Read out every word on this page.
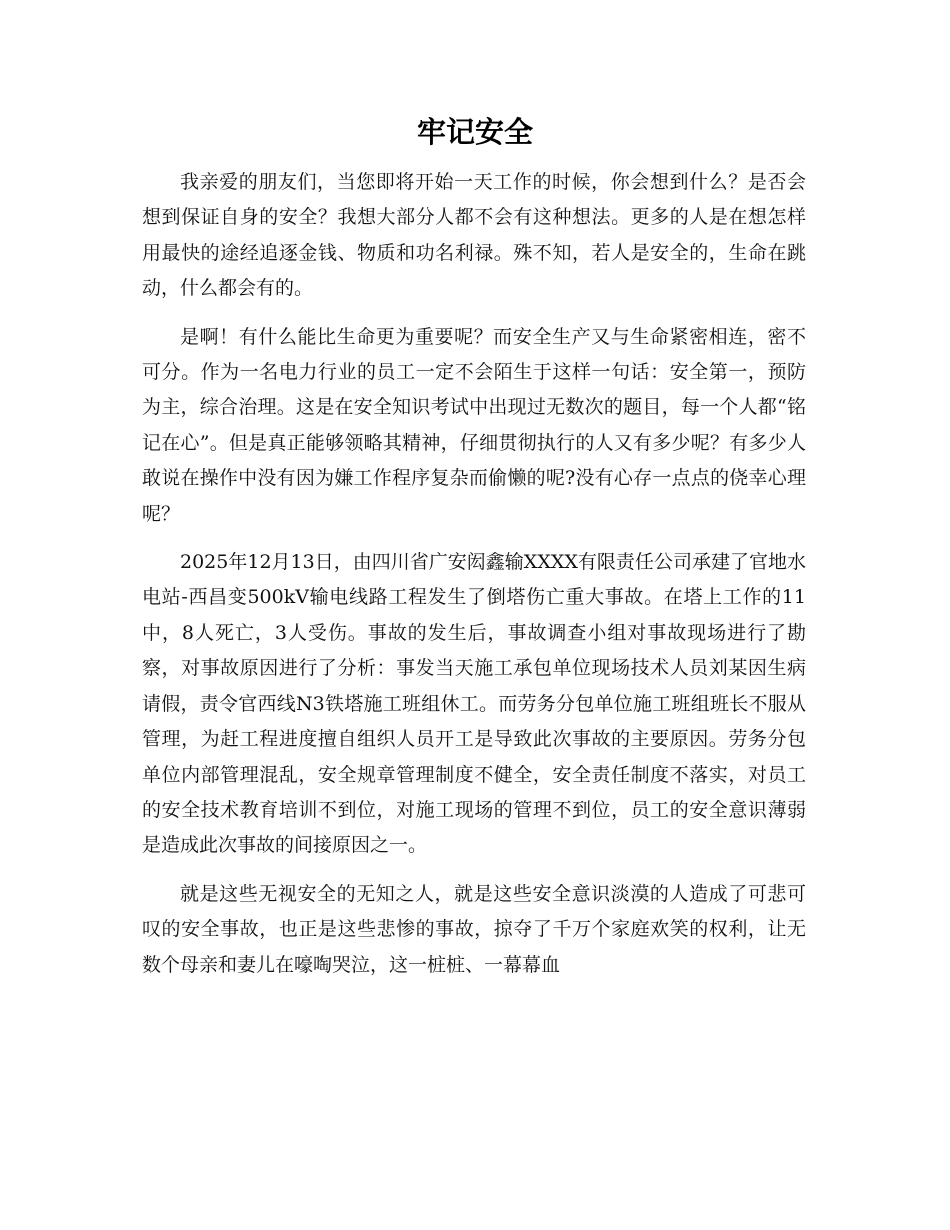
牢记安全

我亲爱的朋友们，当您即将开始一天工作的时候，你会想到什么？是否会想到保证自身的安全？我想大部分人都不会有这种想法。更多的人是在想怎样用最快的途经追逐金钱、物质和功名利禄。殊不知，若人是安全的，生命在跳动，什么都会有的。

是啊！有什么能比生命更为重要呢？而安全生产又与生命紧密相连，密不可分。作为一名电力行业的员工一定不会陌生于这样一句话：安全第一，预防为主，综合治理。这是在安全知识考试中出现过无数次的题目，每一个人都“铭记在心”。但是真正能够领略其精神，仔细贯彻执行的人又有多少呢？有多少人敢说在操作中没有因为嫌工作程序复杂而偷懒的呢?没有心存一点点的侥幸心理呢？

2025年12月13日，由四川省广安闳鑫输XXXX有限责任公司承建了官地水电站-西昌变500kV输电线路工程发生了倒塔伤亡重大事故。在塔上工作的11中，8人死亡，3人受伤。事故的发生后，事故调查小组对事故现场进行了勘察，对事故原因进行了分析：事发当天施工承包单位现场技术人员刘某因生病请假，责令官西线N3铁塔施工班组休工。而劳务分包单位施工班组班长不服从管理，为赶工程进度擅自组织人员开工是导致此次事故的主要原因。劳务分包单位内部管理混乱，安全规章管理制度不健全，安全责任制度不落实，对员工的安全技术教育培训不到位，对施工现场的管理不到位，员工的安全意识薄弱是造成此次事故的间接原因之一。

就是这些无视安全的无知之人，就是这些安全意识淡漠的人造成了可悲可叹的安全事故，也正是这些悲惨的事故，掠夺了千万个家庭欢笑的权利，让无数个母亲和妻儿在嚎啕哭泣，这一桩桩、一幕幕血
